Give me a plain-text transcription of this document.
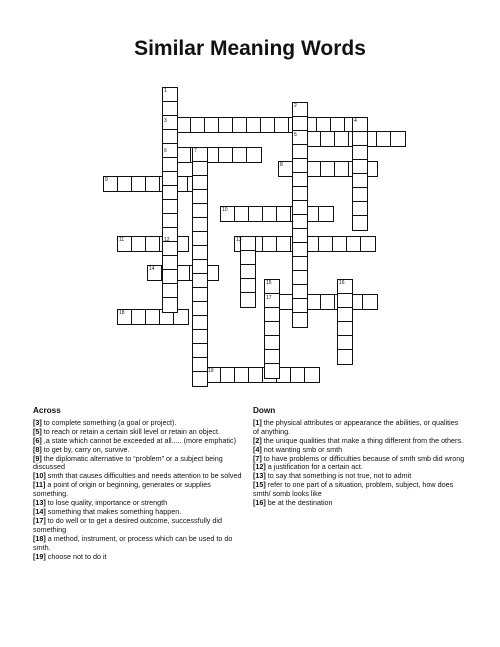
Similar Meaning Words
1
2
3	4
5
6	7
8
9
10
11	12	13
14
15	16
17
18
19
Across

[3] to complete something (a goal or project).

[5] to reach or retain a certain skill level or retain an object.

[6] ,a state which cannot be exceeded at all..... (more emphatic)

[8] to get by, carry on, survive.

[9] the diplomatic alternative to “problem” or a subject being discussed

[10] smth that causes difficulties and needs attention to be solved

[11] a point of origin or beginning, generates or supplies something.

[13] to lose quality, importance or strength

[14] something that makes something happen.

[17] to do well or to get a desired outcome, successfully did something

[18] a method, instrument, or process which can be used to do smth.

[19] choose not to do it

Down

[1] the physical attributes or appearance the abilities, or qualities of anything.

[2] the unique qualities that make a thing different from the others.

[4] not wanting smb or smth

[7] to have problems or difficulties because of smth smb did wrong

[12] a justification for a certain act.

[13] to say that something is not true, not to admit

[15] refer to one part of a situation, problem, subject, how does smth/ somb looks like

[16] be at the destination
